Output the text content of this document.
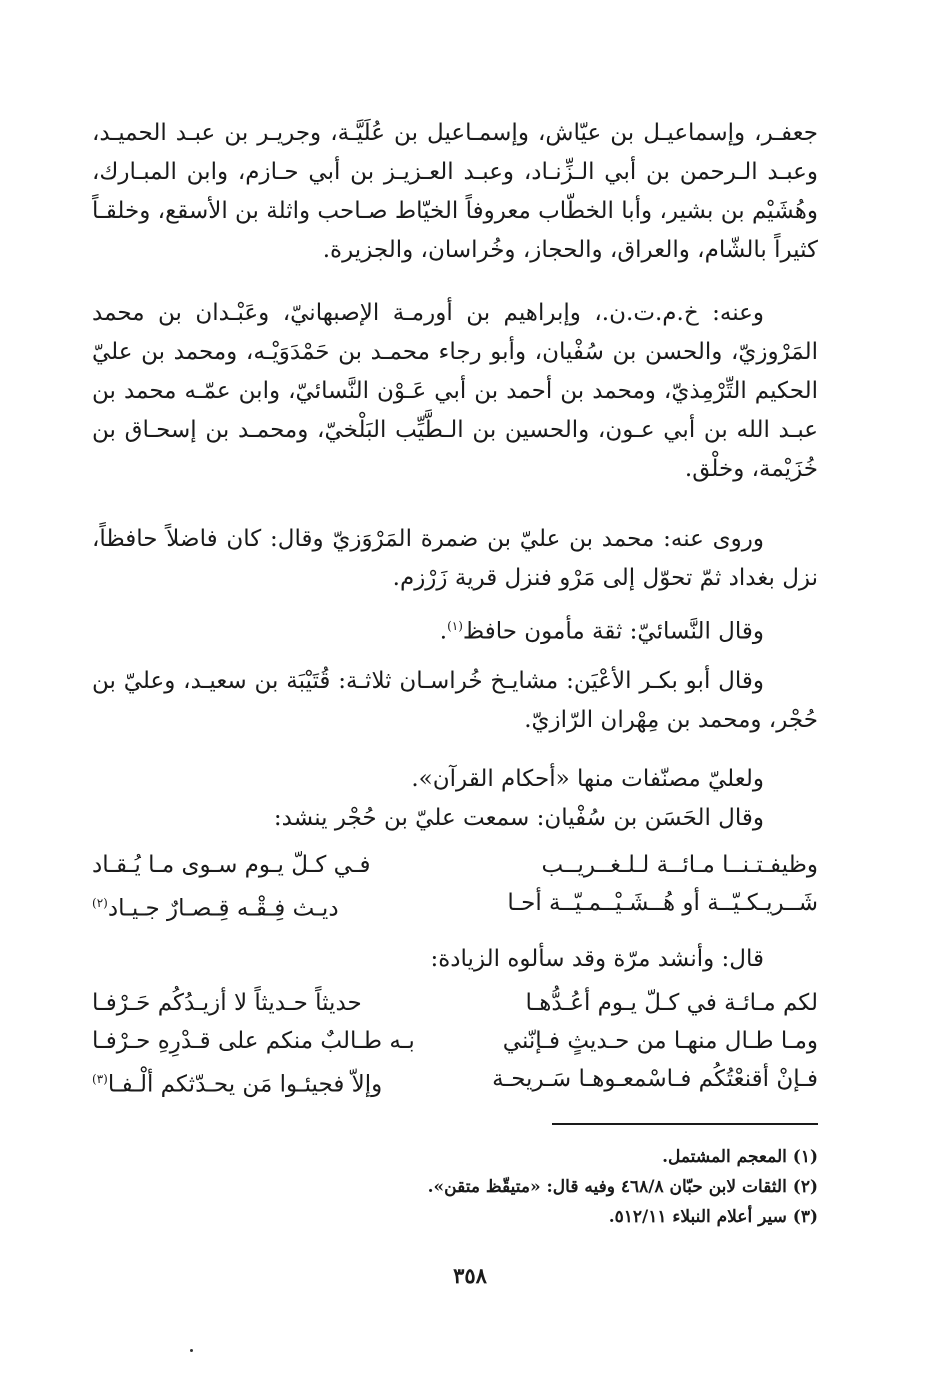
جعفـر، وإسماعيـل بن عيّاش، وإسمـاعيل بن عُلَيَّـة، وجريـر بن عبـد الحميـد، وعبـد الـرحمن بن أبي الـزِّنـاد، وعبـد العـزيـز بن أبي حـازم، وابن المبـارك، وهُشَيْم بن بشير، وأبا الخطّاب معروفاً الخيّاط صـاحب واثلة بن الأسقع، وخلقـاً كثيراً بالشّام، والعراق، والحجاز، وخُراسان، والجزيرة.

وعنه: خ.م.ت.ن.، وإبراهيم بن أورمـة الإصبهانيّ، وعَبْـدان بن محمد المَرْوزيّ، والحسن بن سُفْيان، وأبو رجاء محمـد بن حَمْدَوَيْـه، ومحمد بن عليّ الحكيم التِّرْمِذيّ، ومحمد بن أحمد بن أبي عَـوْن النَّسائيّ، وابن عمّـه محمد بن عبـد الله بن أبي عـون، والحسين بن الـطَّيِّب البَلْخيّ، ومحمـد بن إسحـاق بن خُزَيْمة، وخلْق.

وروى عنه: محمد بن عليّ بن ضمرة المَرْوَزيّ وقال: كان فاضلاً حافظاً، نزل بغداد ثمّ تحوّل إلى مَرْو فنزل قرية زَرْزم.

وقال النَّسائيّ: ثقة مأمون حافظ$^{(١)}$.

وقال أبو بكـر الأعْيَن: مشايـخ خُراسـان ثلاثـة: قُتَيْبَة بن سعيـد، وعليّ بن حُجْر، ومحمد بن مِهْران الرّازيّ.

ولعليّ مصنّفات منها «أحكام القرآن».

وقال الحَسَن بن سُفْيان: سمعت عليّ بن حُجْر ينشد:

وظيفـتـنــا مـائــة لـلـغــريــب
فـي كـلّ يـوم سـوى مـا يُـقـاد
شَــريـكـيّــة أو هُــشَـيْــمـيّــة أحـا
ديـث فِـقْـه قِـصـارٌ جـيـاد$^{(٢)}$

قال: وأنشد مرّة وقد سألوه الزيادة:

لكم مـائـة في كـلّ يـوم أعُـدُّهـا
حديثاً حـديثاً لا أزيـدُكُم حَـرْفـا
ومـا طـال منهـا من حـديثٍ فـإنّني
بـه طـالبٌ منكم على قـدْرِهِ حـرْفـا
فـإنْ أقنعْتُكُم فـاسْمعـوهـا سَـريحـة
وإلاّ فجيئـوا مَن يحـدّثكم ألْـفـا$^{(٣)}$

(١) المعجم المشتمل.

(٢) الثقات لابن حبّان ٤٦٨/٨ وفيه قال: «متيقّظ متقن».

(٣) سير أعلام النبلاء ٥١٢/١١.

٣٥٨
